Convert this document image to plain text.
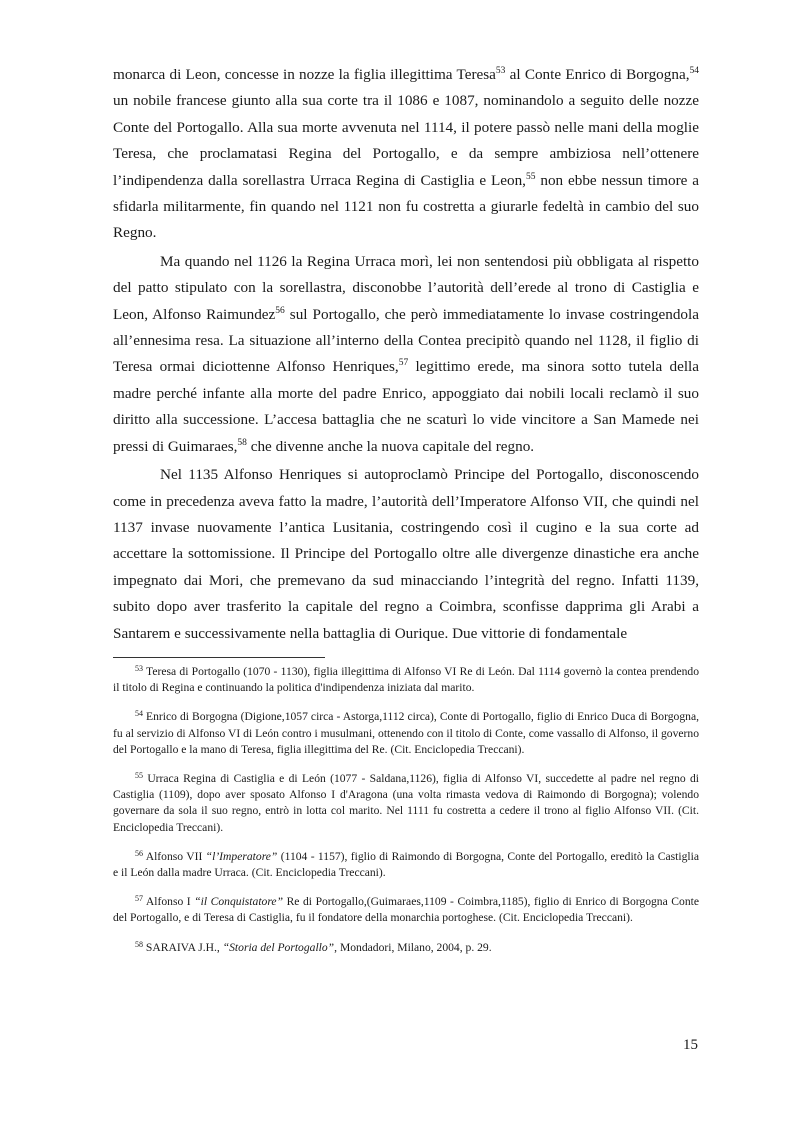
monarca di Leon, concesse in nozze la figlia illegittima Teresa$^{53}$ al Conte Enrico di Borgogna,$^{54}$ un nobile francese giunto alla sua corte tra il 1086 e 1087, nominandolo a seguito delle nozze Conte del Portogallo. Alla sua morte avvenuta nel 1114, il potere passò nelle mani della moglie Teresa, che proclamatasi Regina del Portogallo, e da sempre ambiziosa nell’ottenere l’indipendenza dalla sorellastra Urraca Regina di Castiglia e Leon,$^{55}$ non ebbe nessun timore a sfidarla militarmente, fin quando nel 1121 non fu costretta a giurarle fedeltà in cambio del suo Regno.

Ma quando nel 1126 la Regina Urraca morì, lei non sentendosi più obbligata al rispetto del patto stipulato con la sorellastra, disconobbe l’autorità dell’erede al trono di Castiglia e Leon, Alfonso Raimundez$^{56}$ sul Portogallo, che però immediatamente lo invase costringendola all’ennesima resa. La situazione all’interno della Contea precipitò quando nel 1128, il figlio di Teresa ormai diciottenne Alfonso Henriques,$^{57}$ legittimo erede, ma sinora sotto tutela della madre perché infante alla morte del padre Enrico, appoggiato dai nobili locali reclamò il suo diritto alla successione. L’accesa battaglia che ne scaturì lo vide vincitore a San Mamede nei pressi di Guimaraes,$^{58}$ che divenne anche la nuova capitale del regno.

Nel 1135 Alfonso Henriques si autoproclamò Principe del Portogallo, disconoscendo come in precedenza aveva fatto la madre, l’autorità dell’Imperatore Alfonso VII, che quindi nel 1137 invase nuovamente l’antica Lusitania, costringendo così il cugino e la sua corte ad accettare la sottomissione. Il Principe del Portogallo oltre alle divergenze dinastiche era anche impegnato dai Mori, che premevano da sud minacciando l’integrità del regno. Infatti 1139, subito dopo aver trasferito la capitale del regno a Coimbra, sconfisse dapprima gli Arabi a Santarem e successivamente nella battaglia di Ourique. Due vittorie di fondamentale

$^{53}$ Teresa di Portogallo (1070 - 1130), figlia illegittima di Alfonso VI Re di León. Dal 1114 governò la contea prendendo il titolo di Regina e continuando la politica d'indipendenza iniziata dal marito.

$^{54}$ Enrico di Borgogna (Digione,1057 circa - Astorga,1112 circa), Conte di Portogallo, figlio di Enrico Duca di Borgogna, fu al servizio di Alfonso VI di León contro i musulmani, ottenendo con il titolo di Conte, come vassallo di Alfonso, il governo del Portogallo e la mano di Teresa, figlia illegittima del Re. (Cit. Enciclopedia Treccani).

$^{55}$ Urraca Regina di Castiglia e di León (1077 - Saldana,1126), figlia di Alfonso VI, succedette al padre nel regno di Castiglia (1109), dopo aver sposato Alfonso I d'Aragona (una volta rimasta vedova di Raimondo di Borgogna); volendo governare da sola il suo regno, entrò in lotta col marito. Nel 1111 fu costretta a cedere il trono al figlio Alfonso VII. (Cit. Enciclopedia Treccani).

$^{56}$ Alfonso VII “l’Imperatore” (1104 - 1157), figlio di Raimondo di Borgogna, Conte del Portogallo, ereditò la Castiglia e il León dalla madre Urraca. (Cit. Enciclopedia Treccani).

$^{57}$ Alfonso I “il Conquistatore” Re di Portogallo,(Guimaraes,1109 - Coimbra,1185), figlio di Enrico di Borgogna Conte del Portogallo, e di Teresa di Castiglia, fu il fondatore della monarchia portoghese. (Cit. Enciclopedia Treccani).

$^{58}$ SARAIVA J.H., “Storia del Portogallo”, Mondadori, Milano, 2004, p. 29.

15
